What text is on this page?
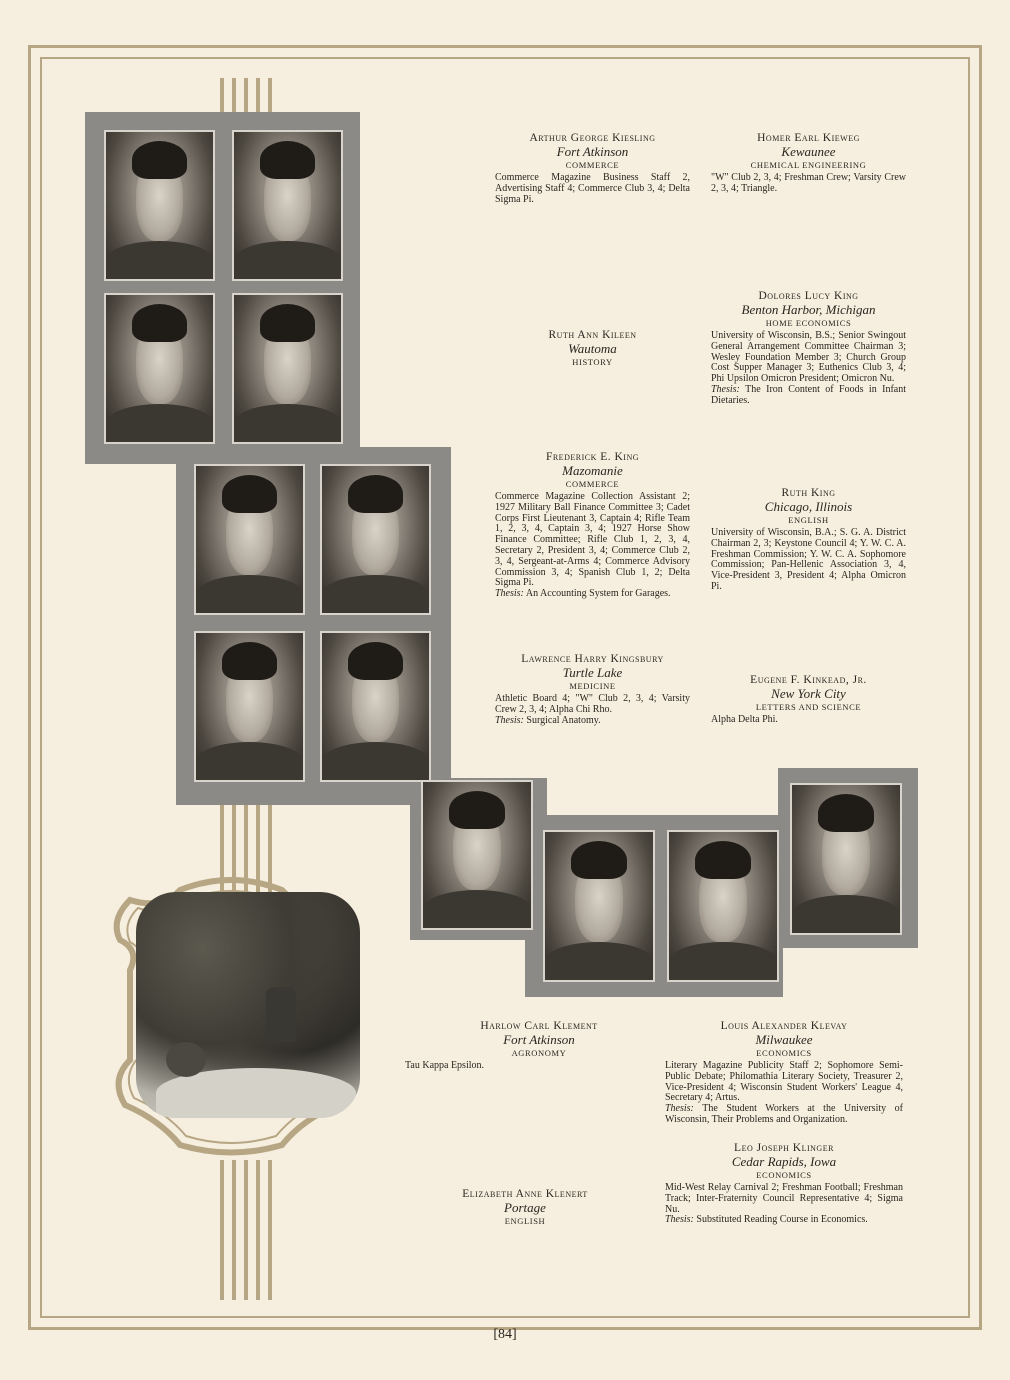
Arthur George Kiesling
Fort Atkinson
COMMERCE
Commerce Magazine Business Staff 2, Advertising Staff 4; Commerce Club 3, 4; Delta Sigma Pi.
Homer Earl Kieweg
Kewaunee
CHEMICAL ENGINEERING
"W" Club 2, 3, 4; Freshman Crew; Varsity Crew 2, 3, 4; Triangle.
Ruth Ann Kileen
Wautoma
HISTORY
Dolores Lucy King
Benton Harbor, Michigan
HOME ECONOMICS
University of Wisconsin, B.S.; Senior Swingout General Arrangement Committee Chairman 3; Wesley Foundation Member 3; Church Group Cost Supper Manager 3; Euthenics Club 3, 4; Phi Upsilon Omicron President; Omicron Nu.
Thesis: The Iron Content of Foods in Infant Dietaries.
Frederick E. King
Mazomanie
COMMERCE
Commerce Magazine Collection Assistant 2; 1927 Military Ball Finance Committee 3; Cadet Corps First Lieutenant 3, Captain 4; Rifle Team 1, 2, 3, 4, Captain 3, 4; 1927 Horse Show Finance Committee; Rifle Club 1, 2, 3, 4, Secretary 2, President 3, 4; Commerce Club 2, 3, 4, Sergeant-at-Arms 4; Commerce Advisory Commission 3, 4; Spanish Club 1, 2; Delta Sigma Pi.
Thesis: An Accounting System for Garages.
Ruth King
Chicago, Illinois
ENGLISH
University of Wisconsin, B.A.; S. G. A. District Chairman 2, 3; Keystone Council 4; Y. W. C. A. Freshman Commission; Y. W. C. A. Sophomore Commission; Pan-Hellenic Association 3, 4, Vice-President 3, President 4; Alpha Omicron Pi.
Lawrence Harry Kingsbury
Turtle Lake
MEDICINE
Athletic Board 4; "W" Club 2, 3, 4; Varsity Crew 2, 3, 4; Alpha Chi Rho.
Thesis: Surgical Anatomy.
Eugene F. Kinkead, Jr.
New York City
LETTERS AND SCIENCE
Alpha Delta Phi.
Harlow Carl Klement
Fort Atkinson
AGRONOMY
Tau Kappa Epsilon.
Louis Alexander Klevay
Milwaukee
ECONOMICS
Literary Magazine Publicity Staff 2; Sophomore Semi-Public Debate; Philomathia Literary Society, Treasurer 2, Vice-President 4; Wisconsin Student Workers' League 4, Secretary 4; Artus.
Thesis: The Student Workers at the University of Wisconsin, Their Problems and Organization.
Leo Joseph Klinger
Cedar Rapids, Iowa
ECONOMICS
Mid-West Relay Carnival 2; Freshman Football; Freshman Track; Inter-Fraternity Council Representative 4; Sigma Nu.
Thesis: Substituted Reading Course in Economics.
Elizabeth Anne Klenert
Portage
ENGLISH
[84]
